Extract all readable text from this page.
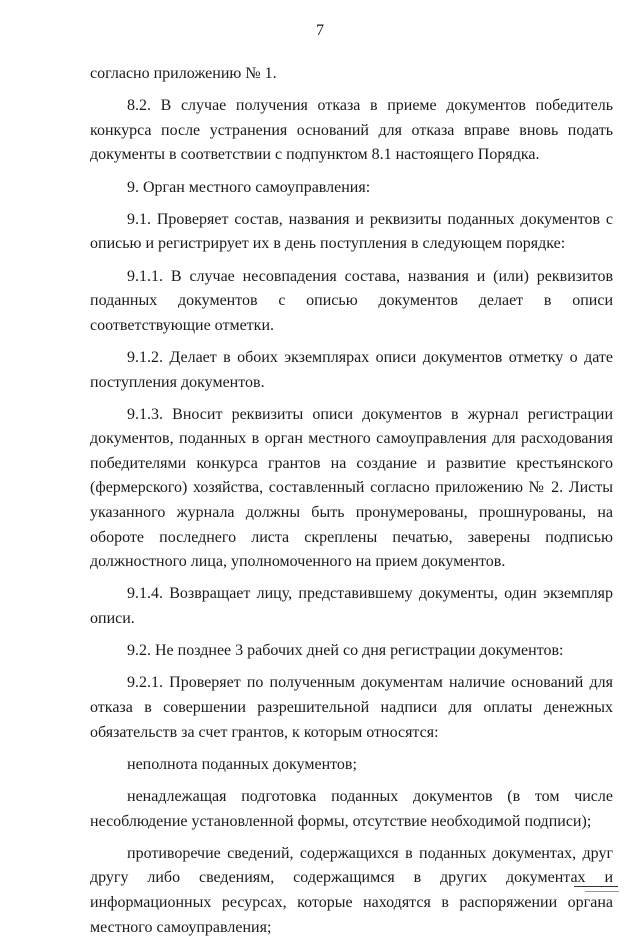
7

согласно приложению № 1.

8.2. В случае получения отказа в приеме документов победитель конкурса после устранения оснований для отказа вправе вновь подать документы в соответствии с подпунктом 8.1 настоящего Порядка.

9. Орган местного самоуправления:

9.1. Проверяет состав, названия и реквизиты поданных документов с описью и регистрирует их в день поступления в следующем порядке:

9.1.1. В случае несовпадения состава, названия и (или) реквизитов поданных документов с описью документов делает в описи соответствующие отметки.

9.1.2. Делает в обоих экземплярах описи документов отметку о дате поступления документов.

9.1.3. Вносит реквизиты описи документов в журнал регистрации документов, поданных в орган местного самоуправления для расходования победителями конкурса грантов на создание и развитие крестьянского (фермерского) хозяйства, составленный согласно приложению № 2. Листы указанного журнала должны быть пронумерованы, прошнурованы, на обороте последнего листа скреплены печатью, заверены подписью должностного лица, уполномоченного на прием документов.

9.1.4. Возвращает лицу, представившему документы, один экземпляр описи.

9.2. Не позднее 3 рабочих дней со дня регистрации документов:

9.2.1. Проверяет по полученным документам наличие оснований для отказа в совершении разрешительной надписи для оплаты денежных обязательств за счет грантов, к которым относятся:

неполнота поданных документов;

ненадлежащая подготовка поданных документов (в том числе несоблюдение установленной формы, отсутствие необходимой подписи);

противоречие сведений, содержащихся в поданных документах, друг другу либо сведениям, содержащимся в других документах и информационных ресурсах, которые находятся в распоряжении органа местного самоуправления;
